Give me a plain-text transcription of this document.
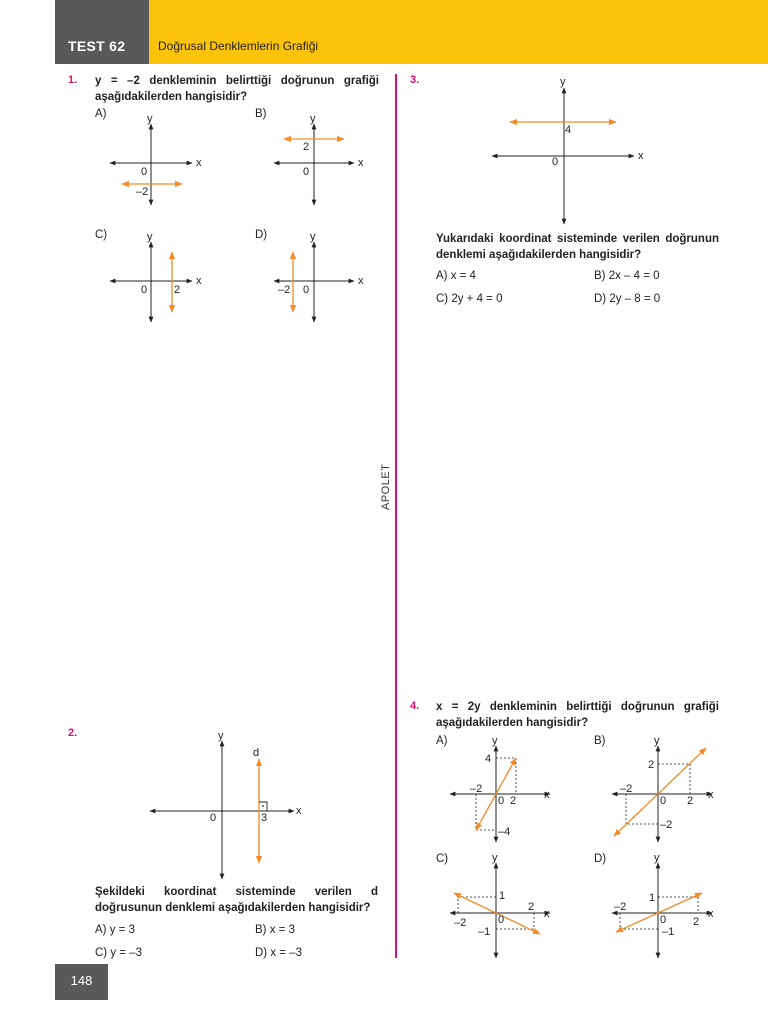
TEST 62	Doğrusal Denklemlerin Grafiği
APOLET
1. y = –2 denkleminin belirttiği doğrunun grafiği aşağıdakilerden hangisidir?
A)	B)
C)	D)
y
x
0
–2
y
x
0
2
y
x
0 2
y
x
0
–2
3.	y
x
0
4
Yukarıdaki koordinat sisteminde verilen doğrunun denklemi aşağıdakilerden hangisidir?
A) x = 4	B) 2x – 4 = 0
C) 2y + 4 = 0	D) 2y – 8 = 0
2.	y
x
0	3
d
Şekildeki koordinat sisteminde verilen d doğrusunun denklemi aşağıdakilerden hangisidir?
A) y = 3	B) x = 3
C) y = –3	D) x = –3
4. x = 2y denkleminin belirttiği doğrunun grafiği aşağıdakilerden hangisidir?
A)	B)
C)	D)
y
x
0
4
–2
2
–4
y
x
0
2
–2
2
–2
y
x
0
1
2
–2
–1
y
x
0
1
–2
2
–1
148
